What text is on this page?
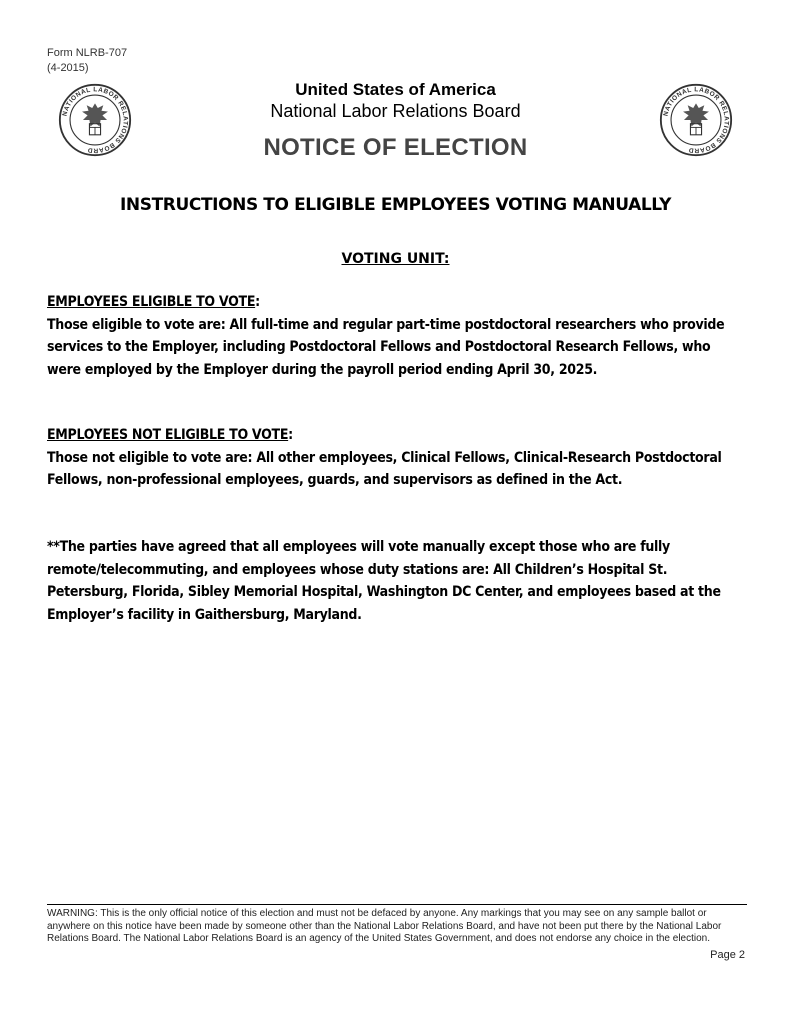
Form NLRB-707
(4-2015)
NATIONAL LABOR RELATIONS BOARD
NATIONAL LABOR RELATIONS BOARD
United States of America
National Labor Relations Board
NOTICE OF ELECTION
INSTRUCTIONS TO ELIGIBLE EMPLOYEES VOTING MANUALLY
VOTING UNIT:
EMPLOYEES ELIGIBLE TO VOTE:
Those eligible to vote are: All full-time and regular part-time postdoctoral researchers who provide services to the Employer, including Postdoctoral Fellows and Postdoctoral Research Fellows, who were employed by the Employer during the payroll period ending April 30, 2025.
EMPLOYEES NOT ELIGIBLE TO VOTE:
Those not eligible to vote are: All other employees, Clinical Fellows, Clinical-Research Postdoctoral Fellows, non-professional employees, guards, and supervisors as defined in the Act.
**The parties have agreed that all employees will vote manually except those who are fully remote/telecommuting, and employees whose duty stations are: All Children’s Hospital St. Petersburg, Florida, Sibley Memorial Hospital, Washington DC Center, and employees based at the Employer’s facility in Gaithersburg, Maryland.

WARNING: This is the only official notice of this election and must not be defaced by anyone. Any markings that you may see on any sample ballot or anywhere on this notice have been made by someone other than the National Labor Relations Board, and have not been put there by the National Labor Relations Board. The National Labor Relations Board is an agency of the United States Government, and does not endorse any choice in the election.

Page 2
